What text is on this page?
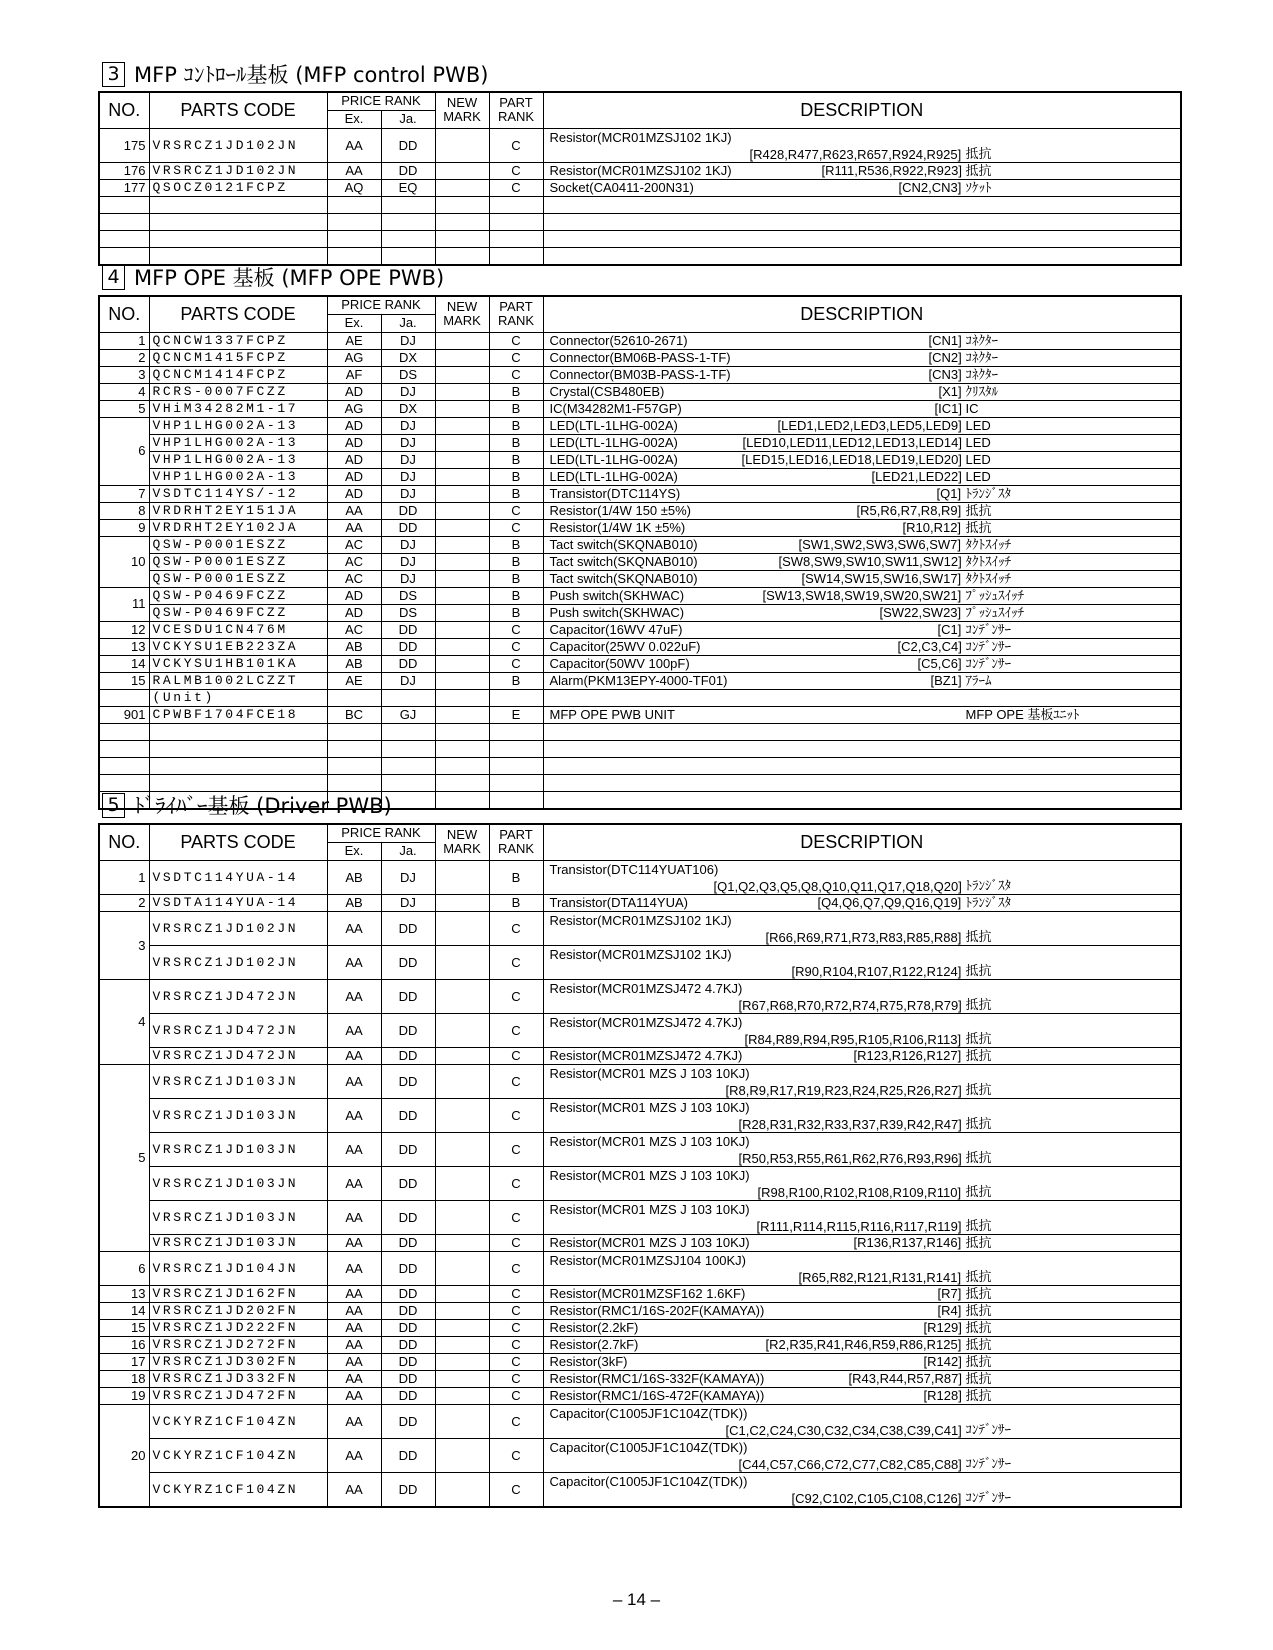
3 MFP ｺﾝﾄﾛｰﾙ基板 (MFP control PWB)
NO.	PARTS CODE	PRICE RANK		NEW
MARK	PART
RANK	DESCRIPTION
		Ex.	Ja.			
175	VRSRCZ1JD102JN	AA	DD		C	Resistor(MCR01MZSJ102 1KJ)
[R428,R477,R623,R657,R924,R925] 抵抗

176	VRSRCZ1JD102JN	AA	DD		C	Resistor(MCR01MZSJ102 1KJ) [R111,R536,R922,R923] 抵抗

177	QSOCZ0121FCPZ	AQ	EQ		C	Socket(CA0411-200N31) [CN2,CN3] ｿｹｯﾄ

4 MFP OPE 基板 (MFP OPE PWB)
NO.	PARTS CODE	PRICE RANK		NEW
MARK	PART
RANK	DESCRIPTION
		Ex.	Ja.			
1	QCNCW1337FCPZ	AE	DJ		C	Connector(52610-2671) [CN1] ｺﾈｸﾀｰ

2	QCNCM1415FCPZ	AG	DX		C	Connector(BM06B-PASS-1-TF) [CN2] ｺﾈｸﾀｰ

3	QCNCM1414FCPZ	AF	DS		C	Connector(BM03B-PASS-1-TF) [CN3] ｺﾈｸﾀｰ

4	RCRS-0007FCZZ	AD	DJ		B	Crystal(CSB480EB) [X1] ｸﾘｽﾀﾙ

5	VHiM34282M1-17	AG	DX		B	IC(M34282M1-F57GP) [IC1] IC

6	VHP1LHG002A-13	AD	DJ		B	LED(LTL-1LHG-002A) [LED1,LED2,LED3,LED5,LED9] LED

	VHP1LHG002A-13	AD	DJ		B	LED(LTL-1LHG-002A) [LED10,LED11,LED12,LED13,LED14] LED

	VHP1LHG002A-13	AD	DJ		B	LED(LTL-1LHG-002A) [LED15,LED16,LED18,LED19,LED20] LED

	VHP1LHG002A-13	AD	DJ		B	LED(LTL-1LHG-002A) [LED21,LED22] LED

7	VSDTC114YS/-12	AD	DJ		B	Transistor(DTC114YS) [Q1] ﾄﾗﾝｼﾞｽﾀ

8	VRDRHT2EY151JA	AA	DD		C	Resistor(1/4W 150 ±5%) [R5,R6,R7,R8,R9] 抵抗

9	VRDRHT2EY102JA	AA	DD		C	Resistor(1/4W 1K ±5%) [R10,R12] 抵抗

10	QSW-P0001ESZZ	AC	DJ		B	Tact switch(SKQNAB010) [SW1,SW2,SW3,SW6,SW7] ﾀｸﾄｽｲｯﾁ

	QSW-P0001ESZZ	AC	DJ		B	Tact switch(SKQNAB010) [SW8,SW9,SW10,SW11,SW12] ﾀｸﾄｽｲｯﾁ

	QSW-P0001ESZZ	AC	DJ		B	Tact switch(SKQNAB010) [SW14,SW15,SW16,SW17] ﾀｸﾄｽｲｯﾁ

11	QSW-P0469FCZZ	AD	DS		B	Push switch(SKHWAC) [SW13,SW18,SW19,SW20,SW21] ﾌﾟｯｼｭｽｲｯﾁ

	QSW-P0469FCZZ	AD	DS		B	Push switch(SKHWAC) [SW22,SW23] ﾌﾟｯｼｭｽｲｯﾁ

12	VCESDU1CN476M	AC	DD		C	Capacitor(16WV 47uF) [C1] ｺﾝﾃﾞﾝｻｰ

13	VCKYSU1EB223ZA	AB	DD		C	Capacitor(25WV 0.022uF) [C2,C3,C4] ｺﾝﾃﾞﾝｻｰ

14	VCKYSU1HB101KA	AB	DD		C	Capacitor(50WV 100pF) [C5,C6] ｺﾝﾃﾞﾝｻｰ

15	RALMB1002LCZZT	AE	DJ		B	Alarm(PKM13EPY-4000-TF01) [BZ1] ｱﾗｰﾑ

	(Unit)					
901	CPWBF1704FCE18	BC	GJ		E	MFP OPE PWB UNIT MFP OPE 基板ﾕﾆｯﾄ

5 ﾄﾞﾗｲﾊﾞｰ基板 (Driver PWB)
NO.	PARTS CODE	PRICE RANK		NEW
MARK	PART
RANK	DESCRIPTION
		Ex.	Ja.			
1	VSDTC114YUA-14	AB	DJ		B	Transistor(DTC114YUAT106)
[Q1,Q2,Q3,Q5,Q8,Q10,Q11,Q17,Q18,Q20] ﾄﾗﾝｼﾞｽﾀ

2	VSDTA114YUA-14	AB	DJ		B	Transistor(DTA114YUA) [Q4,Q6,Q7,Q9,Q16,Q19] ﾄﾗﾝｼﾞｽﾀ

3	VRSRCZ1JD102JN	AA	DD		C	Resistor(MCR01MZSJ102 1KJ)
[R66,R69,R71,R73,R83,R85,R88] 抵抗

	VRSRCZ1JD102JN	AA	DD		C	Resistor(MCR01MZSJ102 1KJ)
[R90,R104,R107,R122,R124] 抵抗

4	VRSRCZ1JD472JN	AA	DD		C	Resistor(MCR01MZSJ472 4.7KJ)
[R67,R68,R70,R72,R74,R75,R78,R79] 抵抗

	VRSRCZ1JD472JN	AA	DD		C	Resistor(MCR01MZSJ472 4.7KJ)
[R84,R89,R94,R95,R105,R106,R113] 抵抗

	VRSRCZ1JD472JN	AA	DD		C	Resistor(MCR01MZSJ472 4.7KJ) [R123,R126,R127] 抵抗

5	VRSRCZ1JD103JN	AA	DD		C	Resistor(MCR01 MZS J 103 10KJ)
[R8,R9,R17,R19,R23,R24,R25,R26,R27] 抵抗

	VRSRCZ1JD103JN	AA	DD		C	Resistor(MCR01 MZS J 103 10KJ)
[R28,R31,R32,R33,R37,R39,R42,R47] 抵抗

	VRSRCZ1JD103JN	AA	DD		C	Resistor(MCR01 MZS J 103 10KJ)
[R50,R53,R55,R61,R62,R76,R93,R96] 抵抗

	VRSRCZ1JD103JN	AA	DD		C	Resistor(MCR01 MZS J 103 10KJ)
[R98,R100,R102,R108,R109,R110] 抵抗

	VRSRCZ1JD103JN	AA	DD		C	Resistor(MCR01 MZS J 103 10KJ)
[R111,R114,R115,R116,R117,R119] 抵抗

	VRSRCZ1JD103JN	AA	DD		C	Resistor(MCR01 MZS J 103 10KJ) [R136,R137,R146] 抵抗

6	VRSRCZ1JD104JN	AA	DD		C	Resistor(MCR01MZSJ104 100KJ)
[R65,R82,R121,R131,R141] 抵抗

13	VRSRCZ1JD162FN	AA	DD		C	Resistor(MCR01MZSF162 1.6KF) [R7] 抵抗

14	VRSRCZ1JD202FN	AA	DD		C	Resistor(RMC1/16S-202F(KAMAYA)) [R4] 抵抗

15	VRSRCZ1JD222FN	AA	DD		C	Resistor(2.2kF) [R129] 抵抗

16	VRSRCZ1JD272FN	AA	DD		C	Resistor(2.7kF) [R2,R35,R41,R46,R59,R86,R125] 抵抗

17	VRSRCZ1JD302FN	AA	DD		C	Resistor(3kF) [R142] 抵抗

18	VRSRCZ1JD332FN	AA	DD		C	Resistor(RMC1/16S-332F(KAMAYA)) [R43,R44,R57,R87] 抵抗

19	VRSRCZ1JD472FN	AA	DD		C	Resistor(RMC1/16S-472F(KAMAYA)) [R128] 抵抗

20	VCKYRZ1CF104ZN	AA	DD		C	Capacitor(C1005JF1C104Z(TDK))
[C1,C2,C24,C30,C32,C34,C38,C39,C41] ｺﾝﾃﾞﾝｻｰ

	VCKYRZ1CF104ZN	AA	DD		C	Capacitor(C1005JF1C104Z(TDK))
[C44,C57,C66,C72,C77,C82,C85,C88] ｺﾝﾃﾞﾝｻｰ

	VCKYRZ1CF104ZN	AA	DD		C	Capacitor(C1005JF1C104Z(TDK))
[C92,C102,C105,C108,C126] ｺﾝﾃﾞﾝｻｰ
– 14 –
